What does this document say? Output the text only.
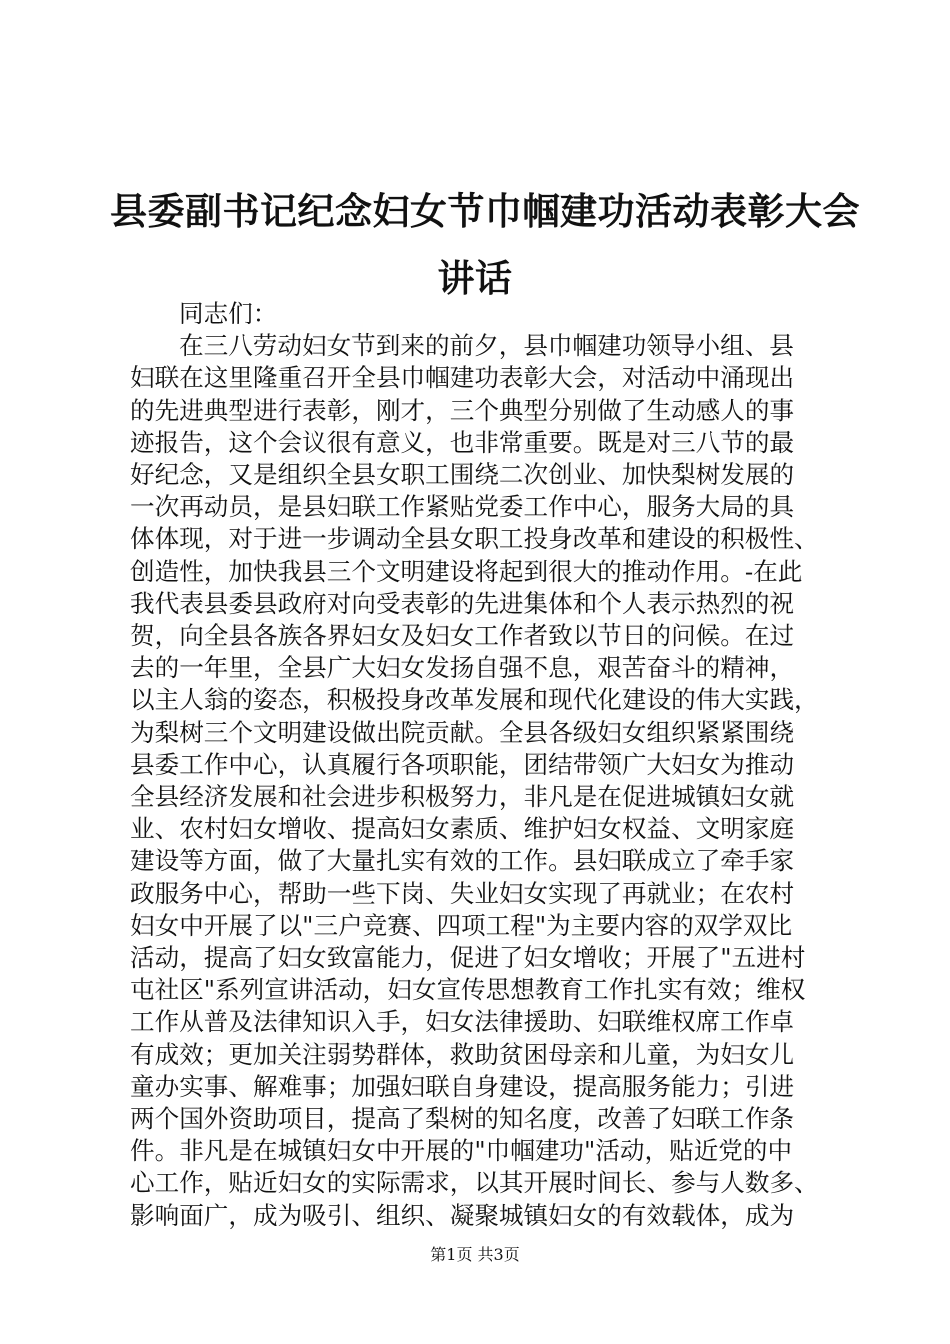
县委副书记纪念妇女节巾帼建功活动表彰大会
讲话
同志们：
在三八劳动妇女节到来的前夕，县巾帼建功领导小组、县
妇联在这里隆重召开全县巾帼建功表彰大会，对活动中涌现出
的先进典型进行表彰，刚才，三个典型分别做了生动感人的事
迹报告，这个会议很有意义，也非常重要。既是对三八节的最
好纪念，又是组织全县女职工围绕二次创业、加快梨树发展的
一次再动员，是县妇联工作紧贴党委工作中心，服务大局的具
体体现，对于进一步调动全县女职工投身改革和建设的积极性、
创造性，加快我县三个文明建设将起到很大的推动作用。-在此
我代表县委县政府对向受表彰的先进集体和个人表示热烈的祝
贺，向全县各族各界妇女及妇女工作者致以节日的问候。在过
去的一年里，全县广大妇女发扬自强不息，艰苦奋斗的精神，
以主人翁的姿态，积极投身改革发展和现代化建设的伟大实践，
为梨树三个文明建设做出院贡献。全县各级妇女组织紧紧围绕
县委工作中心，认真履行各项职能，团结带领广大妇女为推动
全县经济发展和社会进步积极努力，非凡是在促进城镇妇女就
业、农村妇女增收、提高妇女素质、维护妇女权益、文明家庭
建设等方面，做了大量扎实有效的工作。县妇联成立了牵手家
政服务中心，帮助一些下岗、失业妇女实现了再就业；在农村
妇女中开展了以"三户竞赛、四项工程"为主要内容的双学双比
活动，提高了妇女致富能力，促进了妇女增收；开展了"五进村
屯社区"系列宣讲活动，妇女宣传思想教育工作扎实有效；维权
工作从普及法律知识入手，妇女法律援助、妇联维权席工作卓
有成效；更加关注弱势群体，救助贫困母亲和儿童，为妇女儿
童办实事、解难事；加强妇联自身建设，提高服务能力；引进
两个国外资助项目，提高了梨树的知名度，改善了妇联工作条
件。非凡是在城镇妇女中开展的"巾帼建功"活动，贴近党的中
心工作，贴近妇女的实际需求，以其开展时间长、参与人数多、
影响面广，成为吸引、组织、凝聚城镇妇女的有效载体，成为
第1页 共3页
